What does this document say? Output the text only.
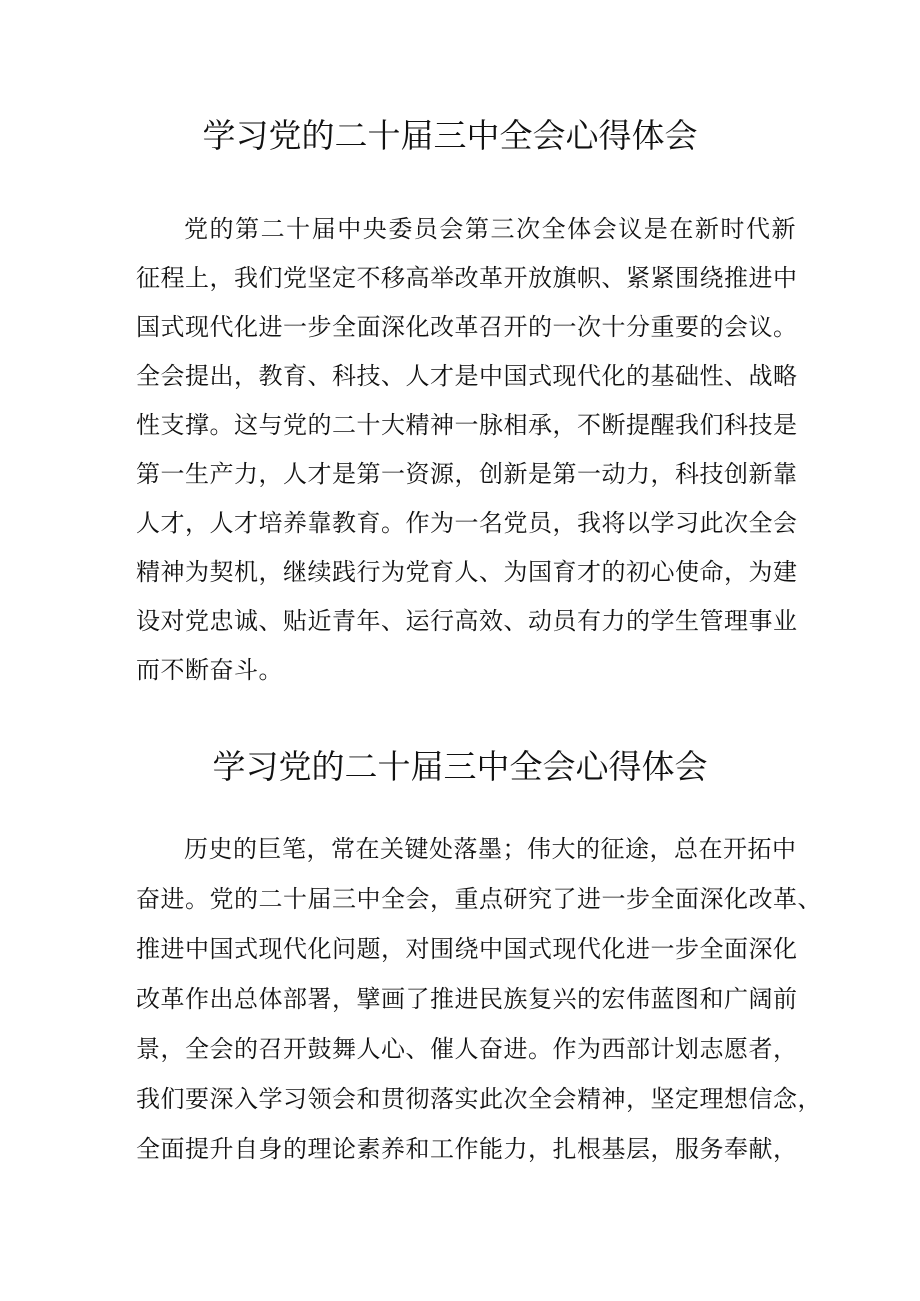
学习党的二十届三中全会心得体会
党的第二十届中央委员会第三次全体会议是在新时代新
征程上，我们党坚定不移高举改革开放旗帜、紧紧围绕推进中
国式现代化进一步全面深化改革召开的一次十分重要的会议。
全会提出，教育、科技、人才是中国式现代化的基础性、战略
性支撑。这与党的二十大精神一脉相承，不断提醒我们科技是
第一生产力，人才是第一资源，创新是第一动力，科技创新靠
人才，人才培养靠教育。作为一名党员，我将以学习此次全会
精神为契机，继续践行为党育人、为国育才的初心使命，为建
设对党忠诚、贴近青年、运行高效、动员有力的学生管理事业
而不断奋斗。
学习党的二十届三中全会心得体会
历史的巨笔，常在关键处落墨；伟大的征途，总在开拓中
奋进。党的二十届三中全会，重点研究了进一步全面深化改革、
推进中国式现代化问题，对围绕中国式现代化进一步全面深化
改革作出总体部署，擘画了推进民族复兴的宏伟蓝图和广阔前
景，全会的召开鼓舞人心、催人奋进。作为西部计划志愿者，
我们要深入学习领会和贯彻落实此次全会精神，坚定理想信念，
全面提升自身的理论素养和工作能力，扎根基层，服务奉献，
